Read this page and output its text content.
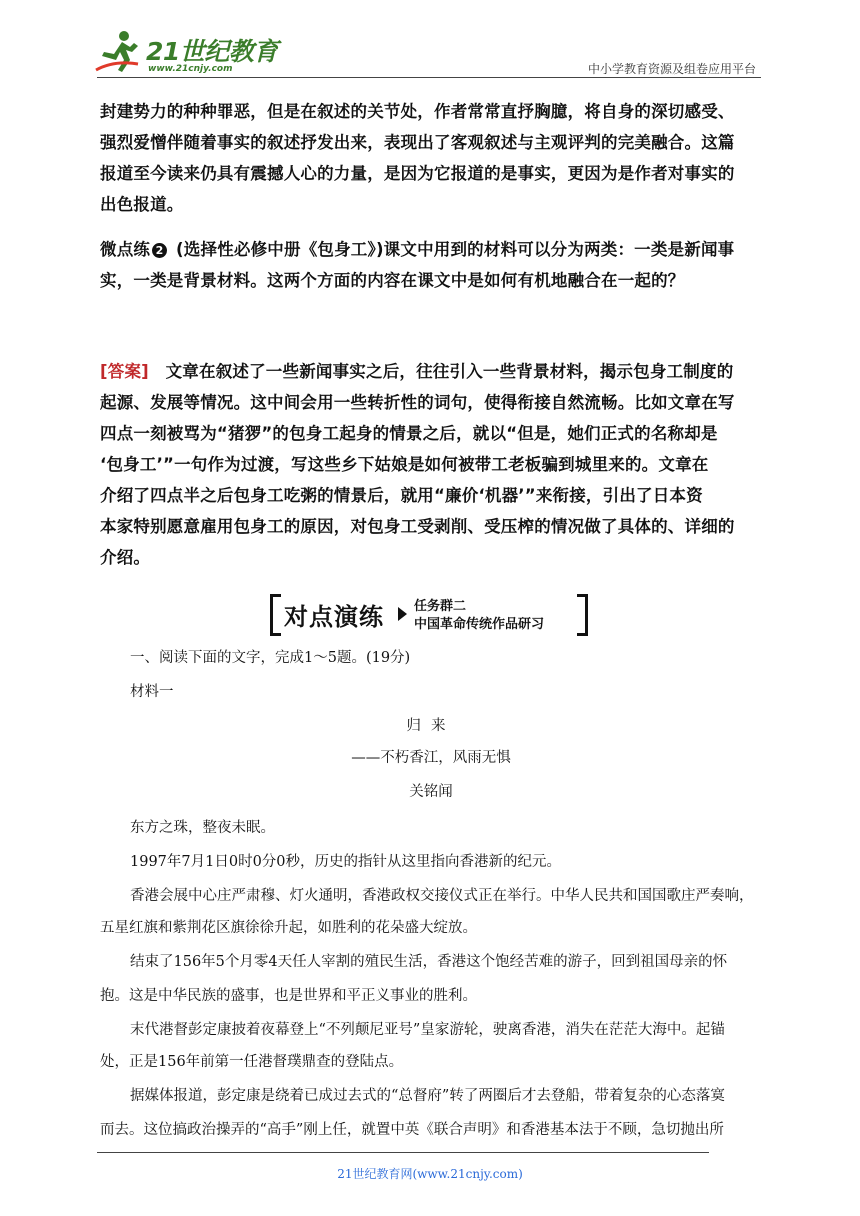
21世纪教育
www.21cnjy.com	中小学教育资源及组卷应用平台
封建势力的种种罪恶，但是在叙述的关节处，作者常常直抒胸臆，将自身的深切感受、
强烈爱憎伴随着事实的叙述抒发出来，表现出了客观叙述与主观评判的完美融合。这篇
报道至今读来仍具有震撼人心的力量，是因为它报道的是事实，更因为是作者对事实的
出色报道。
微点练 2 (选择性必修中册《包身工》)课文中用到的材料可以分为两类：一类是新闻事
实，一类是背景材料。这两个方面的内容在课文中是如何有机地融合在一起的？
[答案]　文章在叙述了一些新闻事实之后，往往引入一些背景材料，揭示包身工制度的
起源、发展等情况。这中间会用一些转折性的词句，使得衔接自然流畅。比如文章在写
四点一刻被骂为“猪猡”的包身工起身的情景之后，就以“但是，她们正式的名称却是
‘包身工’”一句作为过渡，写这些乡下姑娘是如何被带工老板骗到城里来的。文章在
介绍了四点半之后包身工吃粥的情景后，就用“廉价‘机器’”来衔接，引出了日本资
本家特别愿意雇用包身工的原因，对包身工受剥削、受压榨的情况做了具体的、详细的
介绍。
对点演练 任务群二
中国革命传统作品研习
一、阅读下面的文字，完成1～5题。(19分)
材料一
归来
——不朽香江，风雨无惧
关铭闻
东方之珠，整夜未眠。
1997年7月1日0时0分0秒，历史的指针从这里指向香港新的纪元。
香港会展中心庄严肃穆、灯火通明，香港政权交接仪式正在举行。中华人民共和国国歌庄严奏响，
五星红旗和紫荆花区旗徐徐升起，如胜利的花朵盛大绽放。
结束了156年5个月零4天任人宰割的殖民生活，香港这个饱经苦难的游子，回到祖国母亲的怀
抱。这是中华民族的盛事，也是世界和平正义事业的胜利。
末代港督彭定康披着夜幕登上“不列颠尼亚号”皇家游轮，驶离香港，消失在茫茫大海中。起锚
处，正是156年前第一任港督璞鼎查的登陆点。
据媒体报道，彭定康是绕着已成过去式的“总督府”转了两圈后才去登船，带着复杂的心态落寞
而去。这位搞政治操弄的“高手”刚上任，就置中英《联合声明》和香港基本法于不顾，急切抛出所
21世纪教育网(www.21cnjy.com)
